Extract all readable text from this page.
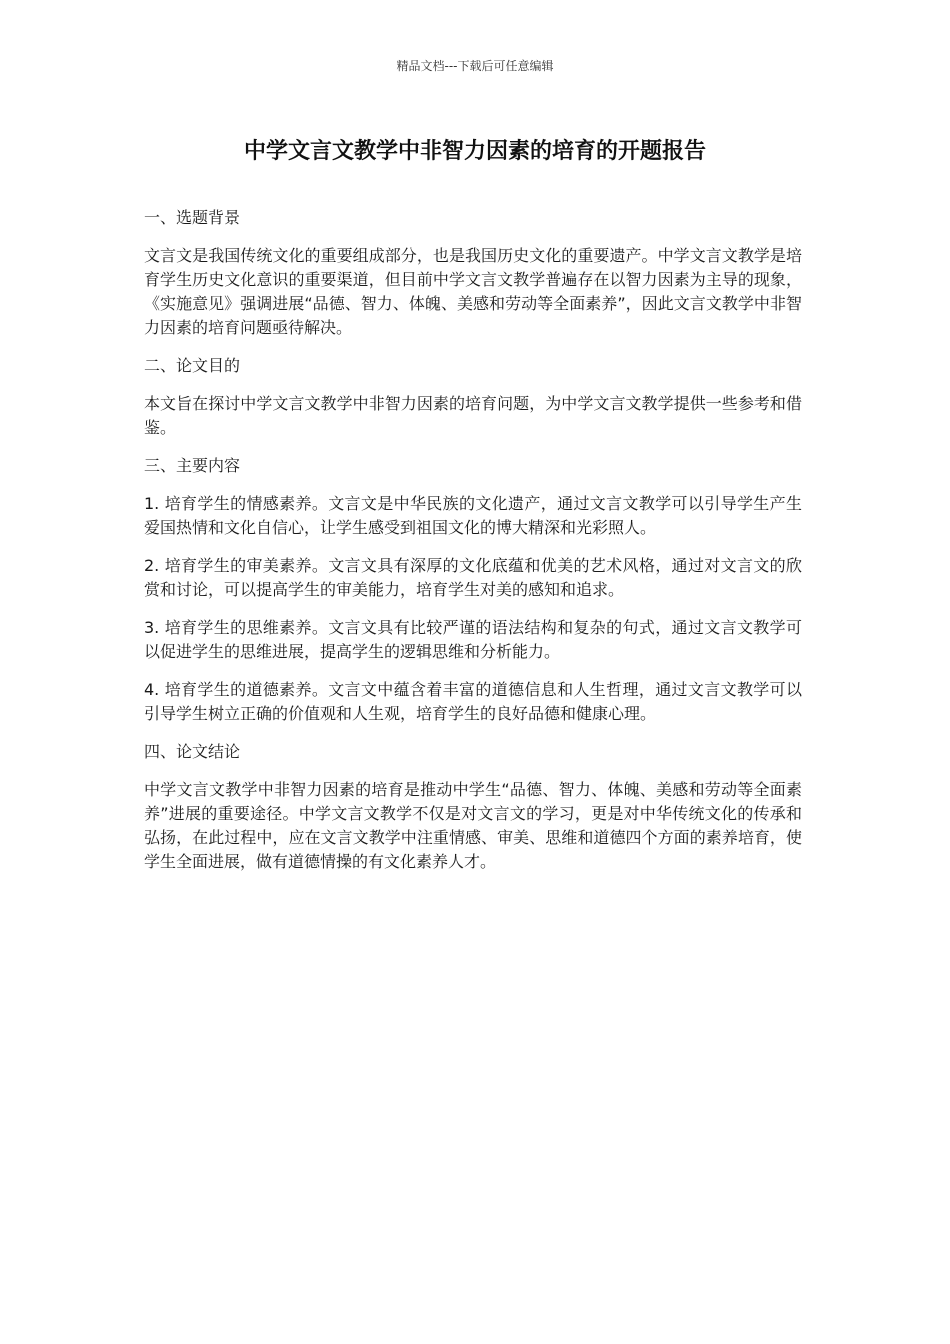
精品文档---下载后可任意编辑
中学文言文教学中非智力因素的培育的开题报告

一、选题背景

文言文是我国传统文化的重要组成部分，也是我国历史文化的重要遗产。中学文言文教学是培育学生历史文化意识的重要渠道，但目前中学文言文教学普遍存在以智力因素为主导的现象，《实施意见》强调进展“品德、智力、体魄、美感和劳动等全面素养”，因此文言文教学中非智力因素的培育问题亟待解决。

二、论文目的

本文旨在探讨中学文言文教学中非智力因素的培育问题，为中学文言文教学提供一些参考和借鉴。

三、主要内容

1. 培育学生的情感素养。文言文是中华民族的文化遗产，通过文言文教学可以引导学生产生爱国热情和文化自信心，让学生感受到祖国文化的博大精深和光彩照人。

2. 培育学生的审美素养。文言文具有深厚的文化底蕴和优美的艺术风格，通过对文言文的欣赏和讨论，可以提高学生的审美能力，培育学生对美的感知和追求。

3. 培育学生的思维素养。文言文具有比较严谨的语法结构和复杂的句式，通过文言文教学可以促进学生的思维进展，提高学生的逻辑思维和分析能力。

4. 培育学生的道德素养。文言文中蕴含着丰富的道德信息和人生哲理，通过文言文教学可以引导学生树立正确的价值观和人生观，培育学生的良好品德和健康心理。

四、论文结论

中学文言文教学中非智力因素的培育是推动中学生“品德、智力、体魄、美感和劳动等全面素养”进展的重要途径。中学文言文教学不仅是对文言文的学习，更是对中华传统文化的传承和弘扬，在此过程中，应在文言文教学中注重情感、审美、思维和道德四个方面的素养培育，使学生全面进展，做有道德情操的有文化素养人才。
